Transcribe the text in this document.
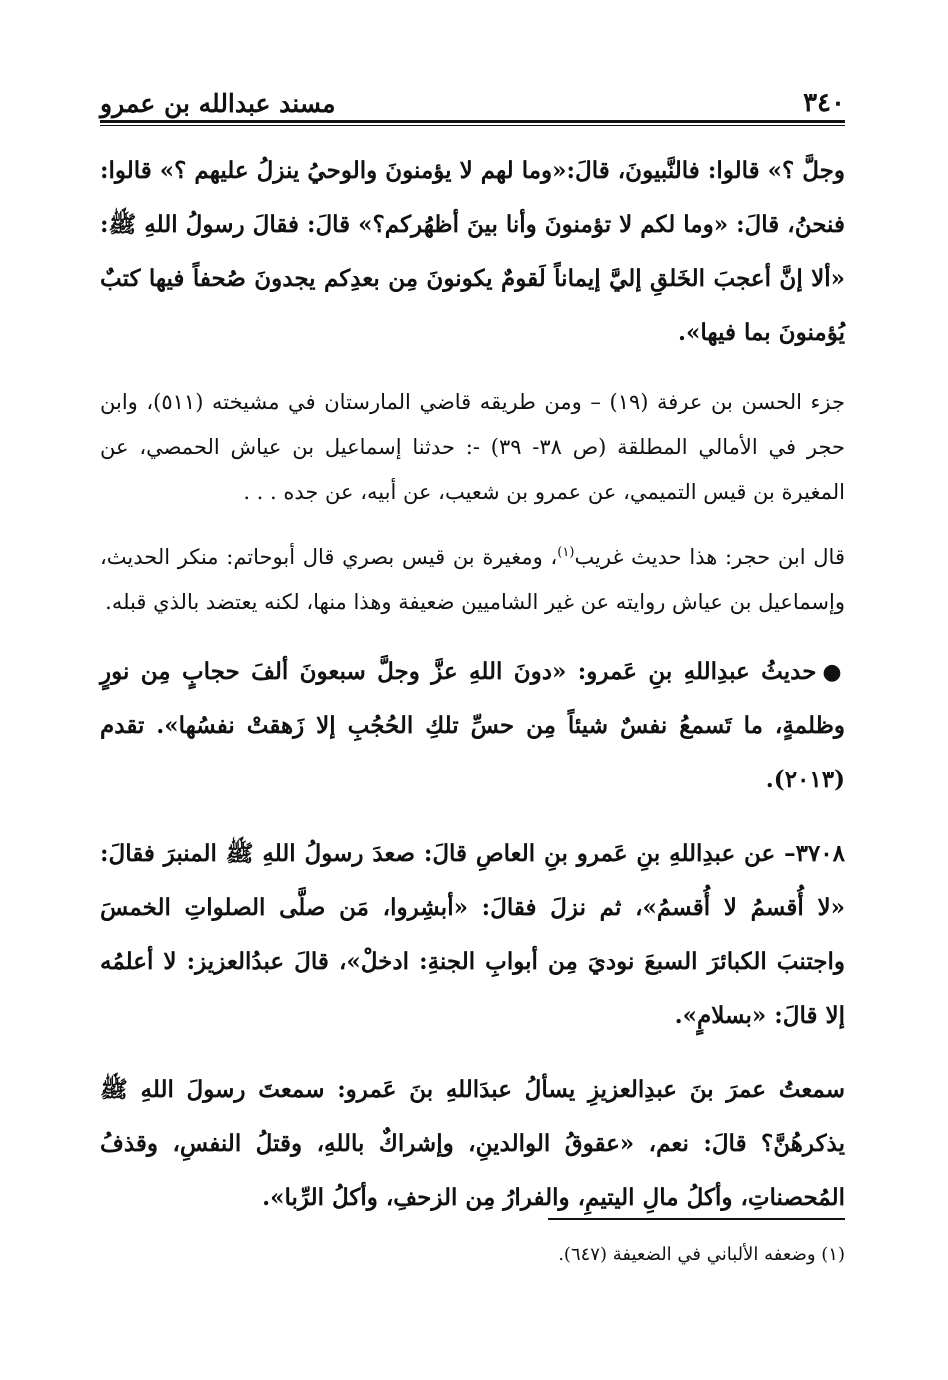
٣٤٠
مسند عبدالله بن عمرو

وجلَّ ؟» قالوا: فالنَّبيونَ، قالَ:«وما لهم لا يؤمنونَ والوحيُ ينزلُ عليهم ؟» قالوا: فنحنُ، قالَ: «وما لكم لا تؤمنونَ وأنا بينَ أظهُركم؟» قالَ: فقالَ رسولُ اللهِ ﷺ: «ألا إنَّ أعجبَ الخَلقِ إليَّ إيماناً لَقومٌ يكونونَ مِن بعدِكم يجدونَ صُحفاً فيها كتبٌ يُؤمنونَ بما فيها».

جزء الحسن بن عرفة (١٩) – ومن طريقه قاضي المارستان في مشيخته (٥١١)، وابن حجر في الأمالي المطلقة (ص ٣٨- ٣٩) -: حدثنا إسماعيل بن عياش الحمصي، عن المغيرة بن قيس التميمي، عن عمرو بن شعيب، عن أبيه، عن جده . . .

قال ابن حجر: هذا حديث غريب$^{(١)}$، ومغيرة بن قيس بصري قال أبوحاتم: منكر الحديث، وإسماعيل بن عياش روايته عن غير الشاميين ضعيفة وهذا منها، لكنه يعتضد بالذي قبله.

●حديثُ عبدِاللهِ بنِ عَمرو: «دونَ اللهِ عزَّ وجلَّ سبعونَ ألفَ حجابٍ مِن نورٍ وظلمةٍ، ما تَسمعُ نفسٌ شيئاً مِن حسِّ تلكِ الحُجُبِ إلا زَهقتْ نفسُها». تقدم (٢٠١٣).

٣٧٠٨– عن عبدِاللهِ بنِ عَمرو بنِ العاصِ قالَ: صعدَ رسولُ اللهِ ﷺ المنبرَ فقالَ: «لا أُقسمُ لا أُقسمُ»، ثم نزلَ فقالَ: «أبشِروا، مَن صلَّى الصلواتِ الخمسَ واجتنبَ الكبائرَ السبعَ نوديَ مِن أبوابِ الجنةِ: ادخلْ»، قالَ عبدُالعزيز: لا أعلمُه إلا قالَ: «بسلامٍ».

سمعتُ عمرَ بنَ عبدِالعزيزِ يسألُ عبدَاللهِ بنَ عَمرو: سمعتَ رسولَ اللهِ ﷺ يذكرهُنَّ؟ قالَ: نعم، «عقوقُ الوالدينِ، وإشراكٌ باللهِ، وقتلُ النفسِ، وقذفُ المُحصناتِ، وأكلُ مالِ اليتيمِ، والفرارُ مِن الزحفِ، وأكلُ الرِّبا».

(١) وضعفه الألباني في الضعيفة (٦٤٧).
